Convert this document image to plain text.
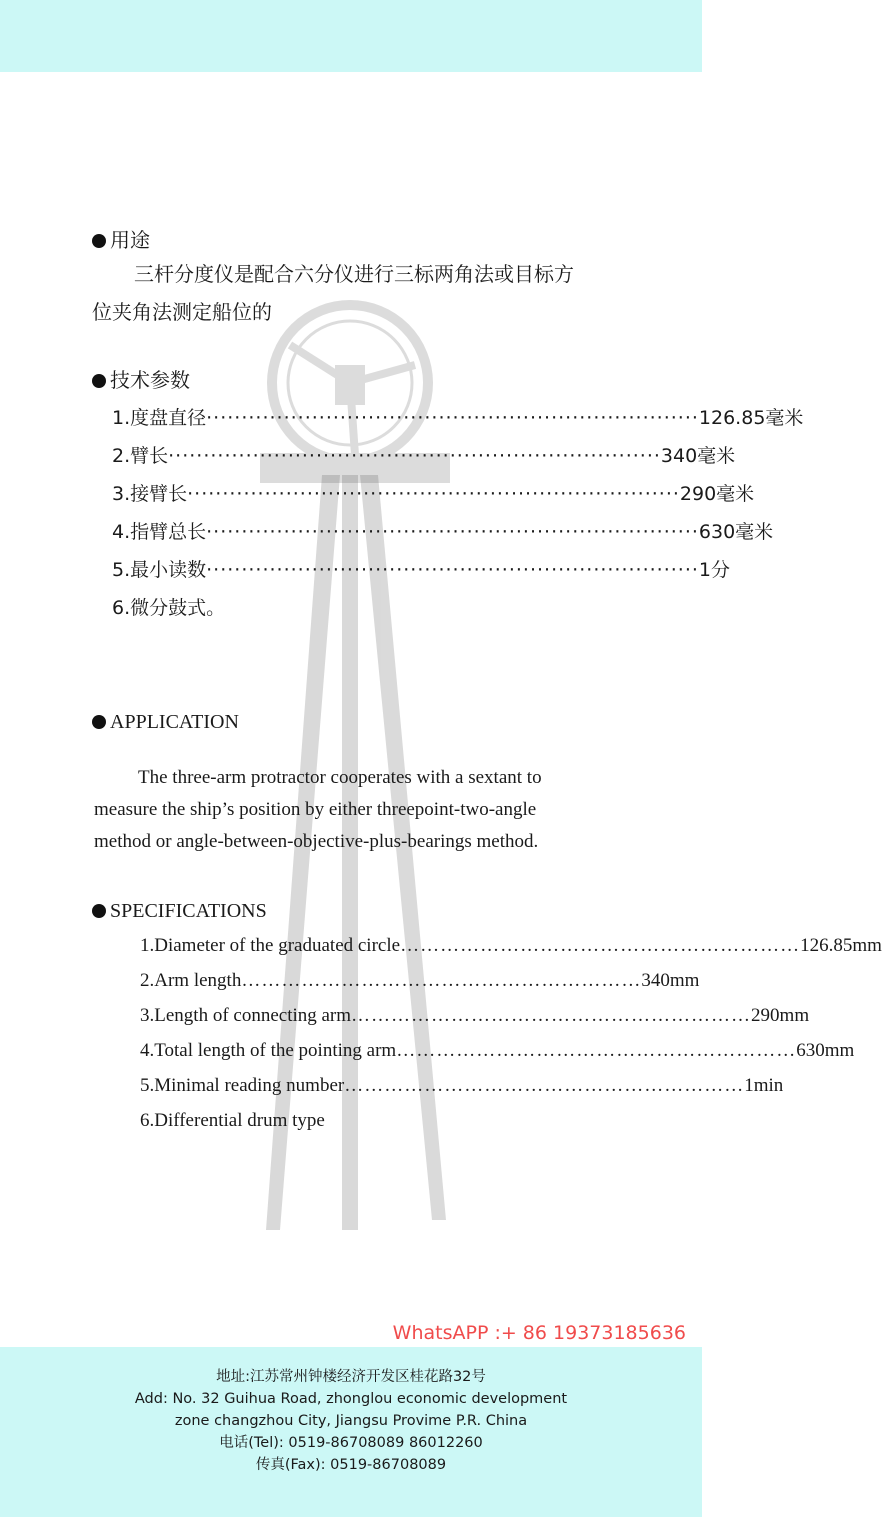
用途
三杆分度仪是配合六分仪进行三标两角法或目标方
位夹角法测定船位的
技术参数
1.度盘直径 ······································································ 126.85毫米
2.臂长 ······································································ 340毫米
3.接臂长 ······································································ 290毫米
4.指臂总长 ······································································ 630毫米
5.最小读数 ······································································ 1分
6.微分鼓式。
APPLICATION
The three-arm protractor cooperates with a sextant to
measure the ship’s position by either threepoint-two-angle
method or angle-between-objective-plus-bearings method.
SPECIFICATIONS
1.Diameter of the graduated circle …………………………………………………… 126.85mm
2.Arm length …………………………………………………… 340mm
3.Length of connecting arm …………………………………………………… 290mm
4.Total length of the pointing arm …………………………………………………… 630mm
5.Minimal reading number …………………………………………………… 1min
6.Differential drum type
WhatsAPP :+ 86 19373185636
地址:江苏常州钟楼经济开发区桂花路32号
Add: No. 32 Guihua Road, zhonglou economic development
zone changzhou City, Jiangsu Provime P.R. China
电话(Tel): 0519-86708089 86012260
传真(Fax): 0519-86708089
